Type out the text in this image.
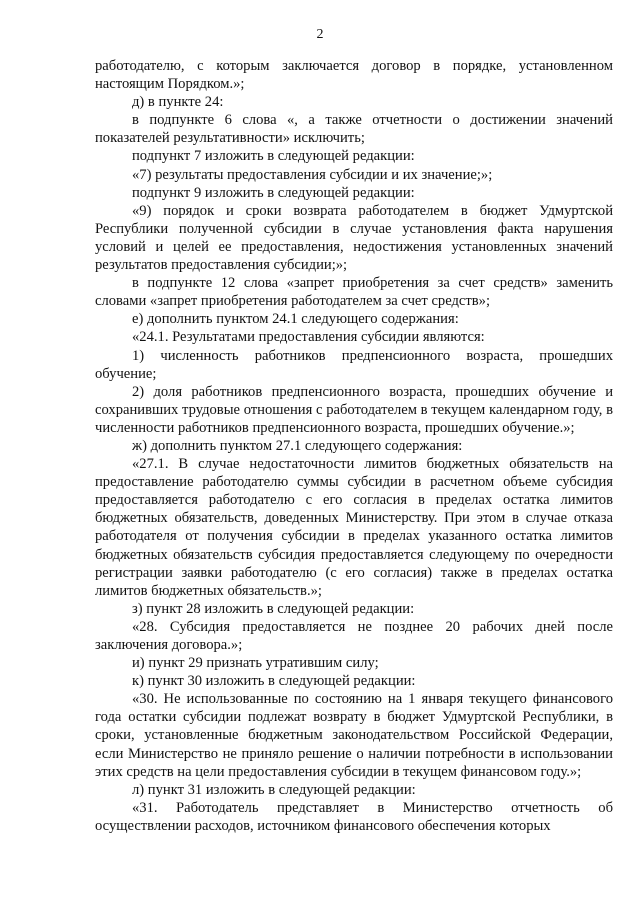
2

работодателю, с которым заключается договор в порядке, установленном настоящим Порядком.»;

д) в пункте 24:

в подпункте 6 слова «, а также отчетности о достижении значений показателей результативности» исключить;

подпункт 7 изложить в следующей редакции:

«7) результаты предоставления субсидии и их значение;»;

подпункт 9 изложить в следующей редакции:

«9) порядок и сроки возврата работодателем в бюджет Удмуртской Республики полученной субсидии в случае установления факта нарушения условий и целей ее предоставления, недостижения установленных значений результатов предоставления субсидии;»;

в подпункте 12 слова «запрет приобретения за счет средств» заменить словами «запрет приобретения работодателем за счет средств»;

е) дополнить пунктом 24.1 следующего содержания:

«24.1. Результатами предоставления субсидии являются:

1) численность работников предпенсионного возраста, прошедших обучение;

2) доля работников предпенсионного возраста, прошедших обучение и сохранивших трудовые отношения с работодателем в текущем календарном году, в численности работников предпенсионного возраста, прошедших обучение.»;

ж) дополнить пунктом 27.1 следующего содержания:

«27.1. В случае недостаточности лимитов бюджетных обязательств на предоставление работодателю суммы субсидии в расчетном объеме субсидия предоставляется работодателю с его согласия в пределах остатка лимитов бюджетных обязательств, доведенных Министерству. При этом в случае отказа работодателя от получения субсидии в пределах указанного остатка лимитов бюджетных обязательств субсидия предоставляется следующему по очередности регистрации заявки работодателю (с его согласия) также в пределах остатка лимитов бюджетных обязательств.»;

з) пункт 28 изложить в следующей редакции:

«28. Субсидия предоставляется не позднее 20 рабочих дней после заключения договора.»;

и) пункт 29 признать утратившим силу;

к) пункт 30 изложить в следующей редакции:

«30. Не использованные по состоянию на 1 января текущего финансового года остатки субсидии подлежат возврату в бюджет Удмуртской Республики, в сроки, установленные бюджетным законодательством Российской Федерации, если Министерство не приняло решение о наличии потребности в использовании этих средств на цели предоставления субсидии в текущем финансовом году.»;

л) пункт 31 изложить в следующей редакции:

«31. Работодатель представляет в Министерство отчетность об осуществлении расходов, источником финансового обеспечения которых
